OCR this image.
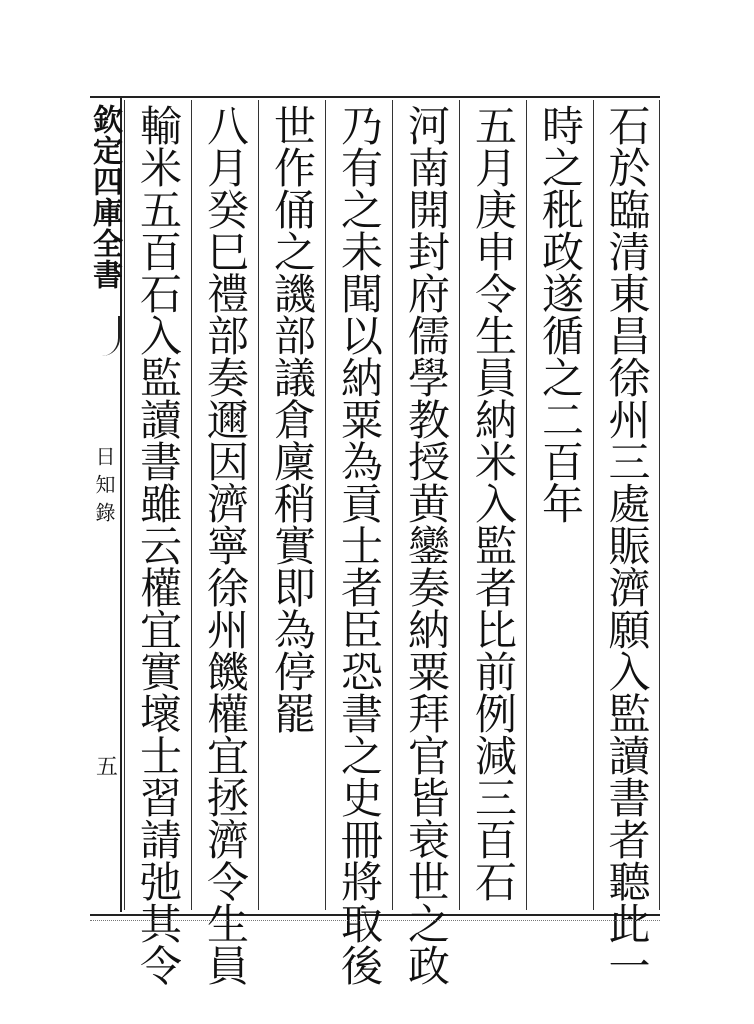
欽定四庫全書
日知錄
五	石於臨清東昌徐州三處賑濟願入監讀書者聽此一
時之秕政遂循之二百年
五月庚申令生員納米入監者比前例減三百石
河南開封府儒學教授黄鑾奏納粟拜官皆衰世之政
乃有之未聞以納粟為貢士者臣恐書之史冊將取後
世作俑之譏部議倉廩稍實即為停罷
八月癸巳禮部奏邇因濟寧徐州饑權宜拯濟令生員
輸米五百石入監讀書雖云權宜實壞士習請弛其令
